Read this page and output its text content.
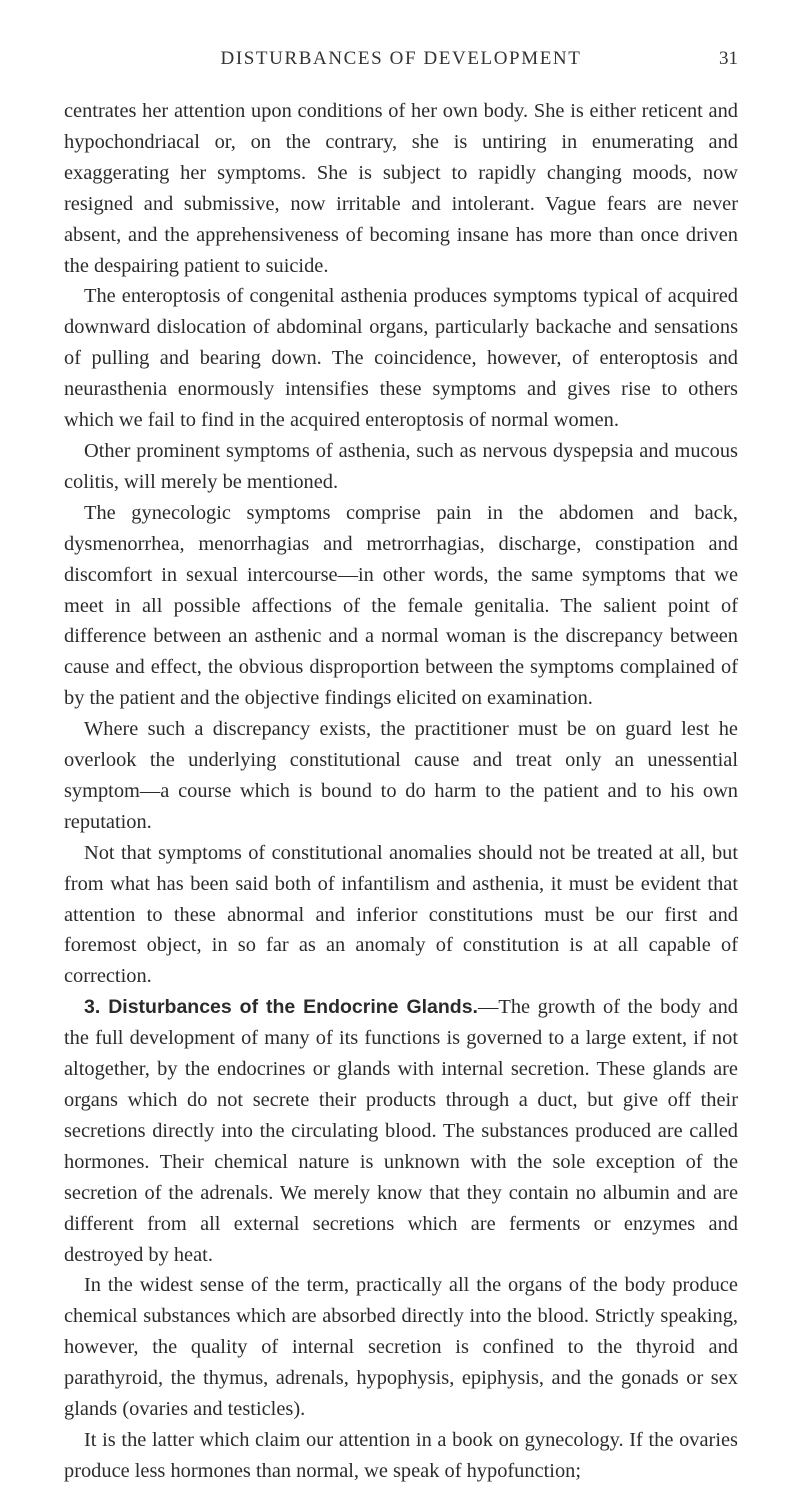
DISTURBANCES OF DEVELOPMENT	31

centrates her attention upon conditions of her own body. She is either reticent and hypochondriacal or, on the contrary, she is untiring in enumerating and exaggerating her symptoms. She is subject to rapidly changing moods, now resigned and submissive, now irritable and intolerant. Vague fears are never absent, and the apprehensiveness of becoming insane has more than once driven the despairing patient to suicide.

The enteroptosis of congenital asthenia produces symptoms typical of acquired downward dislocation of abdominal organs, particularly backache and sensations of pulling and bearing down. The coincidence, however, of enteroptosis and neurasthenia enormously intensifies these symptoms and gives rise to others which we fail to find in the acquired enteroptosis of normal women.

Other prominent symptoms of asthenia, such as nervous dyspepsia and mucous colitis, will merely be mentioned.

The gynecologic symptoms comprise pain in the abdomen and back, dysmenorrhea, menorrhagias and metrorrhagias, discharge, constipation and discomfort in sexual intercourse—in other words, the same symptoms that we meet in all possible affections of the female genitalia. The salient point of difference between an asthenic and a normal woman is the discrepancy between cause and effect, the obvious disproportion between the symptoms complained of by the patient and the objective findings elicited on examination.

Where such a discrepancy exists, the practitioner must be on guard lest he overlook the underlying constitutional cause and treat only an unessential symptom—a course which is bound to do harm to the patient and to his own reputation.

Not that symptoms of constitutional anomalies should not be treated at all, but from what has been said both of infantilism and asthenia, it must be evident that attention to these abnormal and inferior constitutions must be our first and foremost object, in so far as an anomaly of constitution is at all capable of correction.

3. Disturbances of the Endocrine Glands.—The growth of the body and the full development of many of its functions is governed to a large extent, if not altogether, by the endocrines or glands with internal secretion. These glands are organs which do not secrete their products through a duct, but give off their secretions directly into the circulating blood. The substances produced are called hormones. Their chemical nature is unknown with the sole exception of the secretion of the adrenals. We merely know that they contain no albumin and are different from all external secretions which are ferments or enzymes and destroyed by heat.

In the widest sense of the term, practically all the organs of the body produce chemical substances which are absorbed directly into the blood. Strictly speaking, however, the quality of internal secretion is confined to the thyroid and parathyroid, the thymus, adrenals, hypophysis, epiphysis, and the gonads or sex glands (ovaries and testicles).

It is the latter which claim our attention in a book on gynecology. If the ovaries produce less hormones than normal, we speak of hypofunction;
